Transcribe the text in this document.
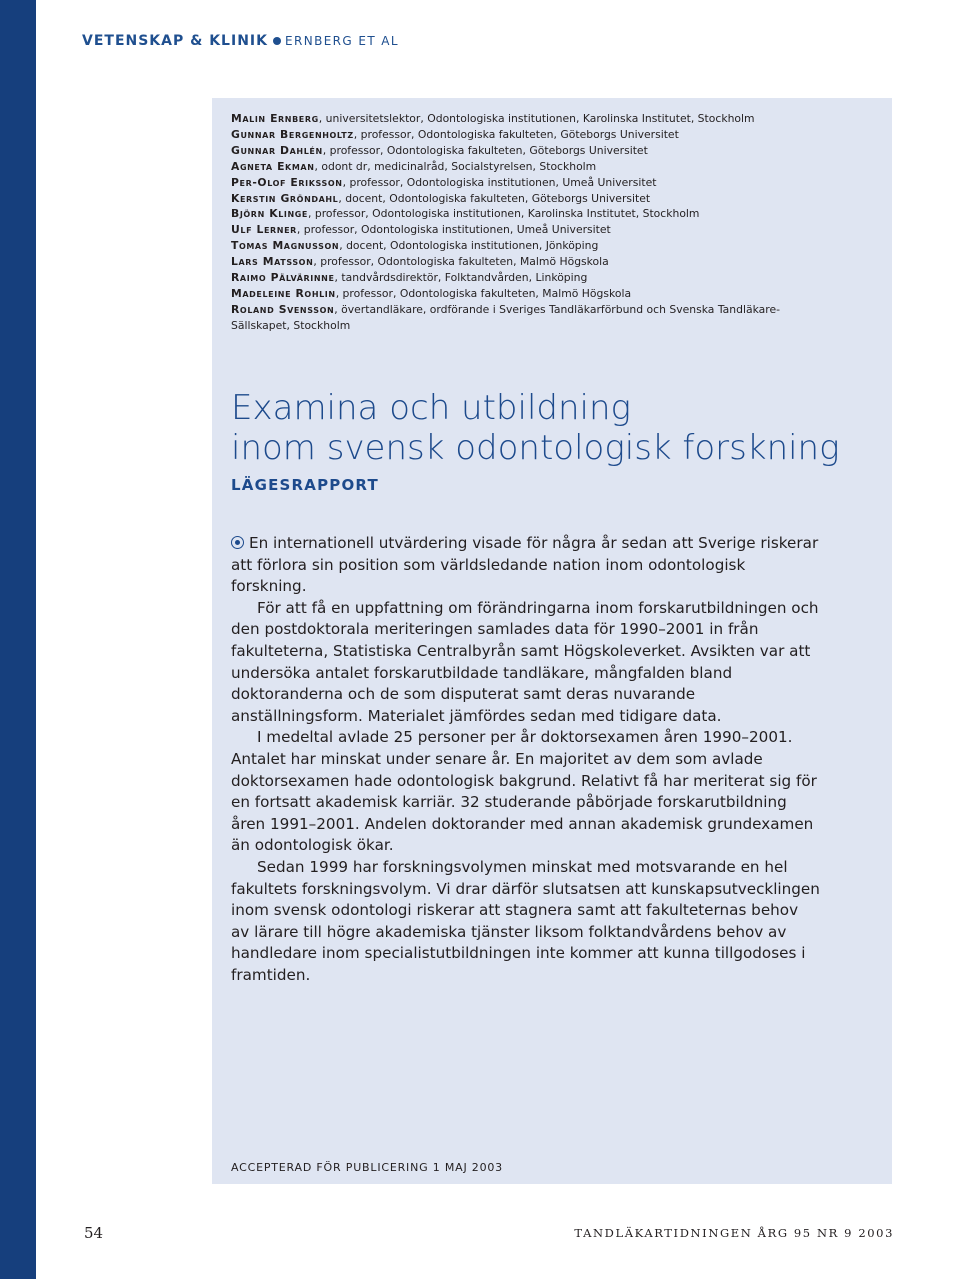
VETENSKAP & KLINIK ERNBERG ET AL
Malin Ernberg, universitetslektor, Odontologiska institutionen, Karolinska Institutet, Stockholm
Gunnar Bergenholtz, professor, Odontologiska fakulteten, Göteborgs Universitet
Gunnar Dahlén, professor, Odontologiska fakulteten, Göteborgs Universitet
Agneta Ekman, odont dr, medicinalråd, Socialstyrelsen, Stockholm
Per-Olof Eriksson, professor, Odontologiska institutionen, Umeå Universitet
Kerstin Gröndahl, docent, Odontologiska fakulteten, Göteborgs Universitet
Björn Klinge, professor, Odontologiska institutionen, Karolinska Institutet, Stockholm
Ulf Lerner, professor, Odontologiska institutionen, Umeå Universitet
Tomas Magnusson, docent, Odontologiska institutionen, Jönköping
Lars Matsson, professor, Odontologiska fakulteten, Malmö Högskola
Raimo Pälvärinne, tandvårdsdirektör, Folktandvården, Linköping
Madeleine Rohlin, professor, Odontologiska fakulteten, Malmö Högskola
Roland Svensson, övertandläkare, ordförande i Sveriges Tandläkarförbund och Svenska Tandläkare-Sällskapet, Stockholm
Examina och utbildning
inom svensk odontologisk forskning
LÄGESRAPPORT

En internationell utvärdering visade för några år sedan att Sverige riskerar att förlora sin position som världsledande nation inom odontologisk forskning.

För att få en uppfattning om förändringarna inom forskarutbildningen och den postdoktorala meriteringen samlades data för 1990–2001 in från fakulteterna, Statistiska Centralbyrån samt Högskoleverket. Avsikten var att undersöka antalet forskarutbildade tandläkare, mångfalden bland doktoranderna och de som disputerat samt deras nuvarande anställningsform. Materialet jämfördes sedan med tidigare data.

I medeltal avlade 25 personer per år doktorsexamen åren 1990–2001. Antalet har minskat under senare år. En majoritet av dem som avlade doktorsexamen hade odontologisk bakgrund. Relativt få har meriterat sig för en fortsatt akademisk karriär. 32 studerande påbörjade forskarutbildning åren 1991–2001. Andelen doktorander med annan akademisk grundexamen än odontologisk ökar.

Sedan 1999 har forskningsvolymen minskat med motsvarande en hel fakultets forskningsvolym. Vi drar därför slutsatsen att kunskapsutvecklingen inom svensk odontologi riskerar att stagnera samt att fakulteternas behov av lärare till högre akademiska tjänster liksom folktandvårdens behov av handledare inom specialistutbildningen inte kommer att kunna tillgodoses i framtiden.

ACCEPTERAD FÖR PUBLICERING 1 MAJ 2003
54	TANDLÄKARTIDNINGEN ÅRG 95 NR 9 2003
